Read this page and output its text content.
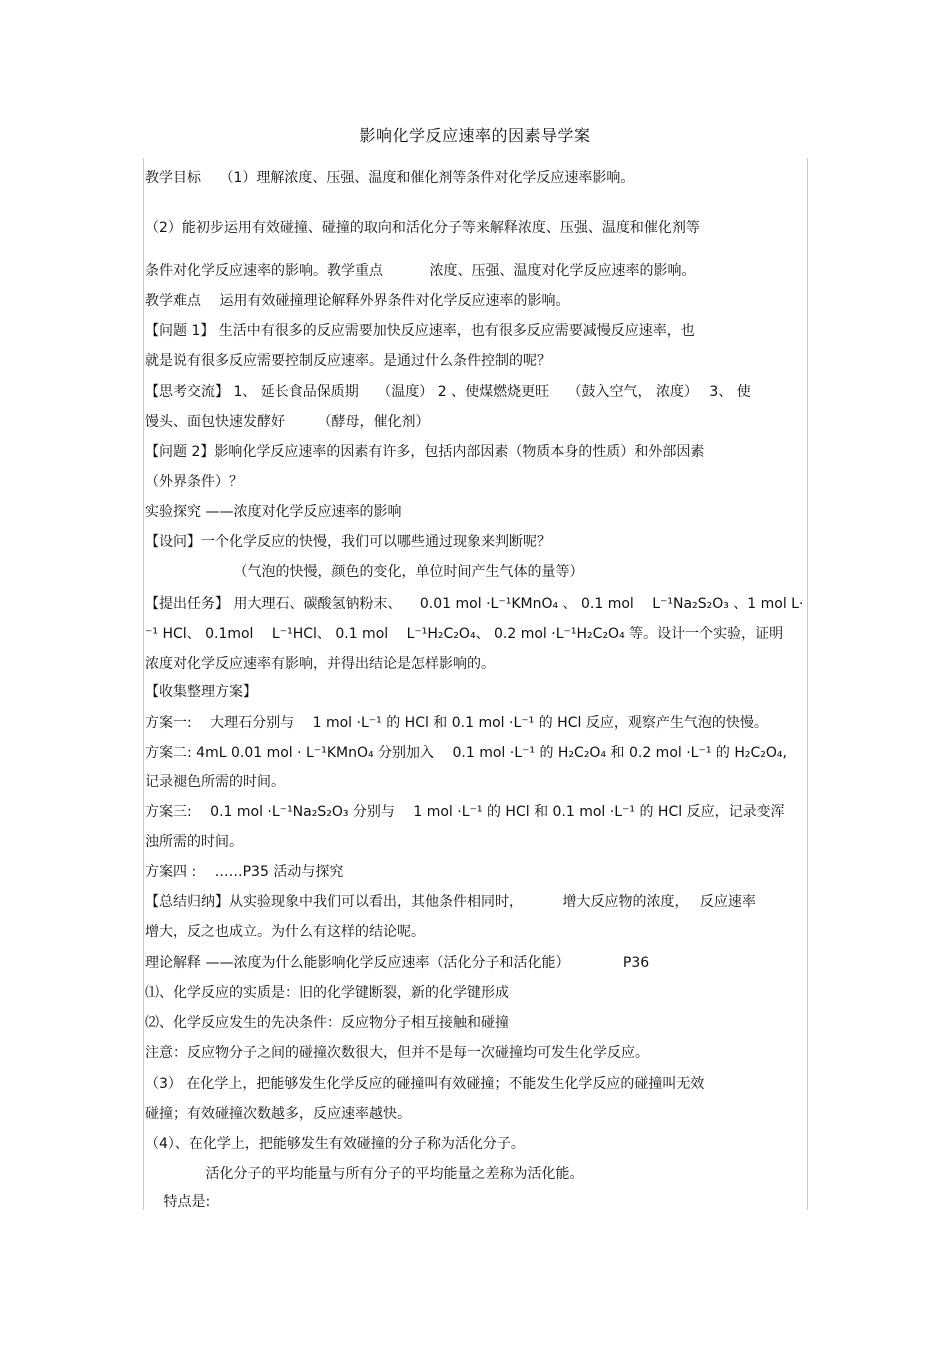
影响化学反应速率的因素导学案
教学目标　 （1）理解浓度、压强、温度和催化剂等条件对化学反应速率影响。
（2）能初步运用有效碰撞、碰撞的取向和活化分子等来解释浓度、压强、温度和催化剂等
条件对化学反应速率的影响。教学重点　　　 浓度、压强、温度对化学反应速率的影响。
教学难点　 运用有效碰撞理论解释外界条件对化学反应速率的影响。
【问题 1】 生活中有很多的反应需要加快反应速率，也有很多反应需要减慢反应速率，也
就是说有很多反应需要控制反应速率。是通过什么条件控制的呢？
【思考交流】 1、 延长食品保质期　 （温度） 2 、使煤燃烧更旺　 （鼓入空气， 浓度）　 3、 使
馒头、面包快速发酵好　　 （酵母，催化剂）
【问题 2】影响化学反应速率的因素有许多，包括内部因素（物质本身的性质）和外部因素
（外界条件）？
实验探究 ——浓度对化学反应速率的影响
【设问】一个化学反应的快慢，我们可以哪些通过现象来判断呢？
　　　　　　 （气泡的快慢，颜色的变化，单位时间产生气体的量等）
【提出任务】 用大理石、碳酸氢钠粉末、  0.01 mol ·L⁻¹KMnO₄ 、 0.1 mol  L⁻¹Na₂S₂O₃ 、1 mol L·
⁻¹ HCl、 0.1mol  L⁻¹HCl、 0.1 mol  L⁻¹H₂C₂O₄、 0.2 mol ·L⁻¹H₂C₂O₄ 等。设计一个实验，证明
浓度对化学反应速率有影响，并得出结论是怎样影响的。
【收集整理方案】
方案一:  大理石分别与  1 mol ·L⁻¹ 的 HCl 和 0.1 mol ·L⁻¹ 的 HCl 反应，观察产生气泡的快慢。
方案二: 4mL 0.01 mol · L⁻¹KMnO₄ 分别加入  0.1 mol ·L⁻¹ 的 H₂C₂O₄ 和 0.2 mol ·L⁻¹ 的 H₂C₂O₄,
记录褪色所需的时间。
方案三:  0.1 mol ·L⁻¹Na₂S₂O₃ 分别与  1 mol ·L⁻¹ 的 HCl 和 0.1 mol ·L⁻¹ 的 HCl 反应，记录变浑
浊所需的时间。
方案四 :  ……P35 活动与探究
【总结归纳】从实验现象中我们可以看出，其他条件相同时，　　　 增大反应物的浓度，　 反应速率
增大，反之也成立。为什么有这样的结论呢。
理论解释 ——浓度为什么能影响化学反应速率（活化分子和活化能）　　　  P36
⑴、化学反应的实质是：旧的化学键断裂，新的化学键形成
⑵、化学反应发生的先决条件：反应物分子相互接触和碰撞
注意：反应物分子之间的碰撞次数很大，但并不是每一次碰撞均可发生化学反应。
（3） 在化学上，把能够发生化学反应的碰撞叫有效碰撞；不能发生化学反应的碰撞叫无效
碰撞；有效碰撞次数越多，反应速率越快。
（4）、在化学上，把能够发生有效碰撞的分子称为活化分子。
　　　　 活化分子的平均能量与所有分子的平均能量之差称为活化能。
  特点是:
